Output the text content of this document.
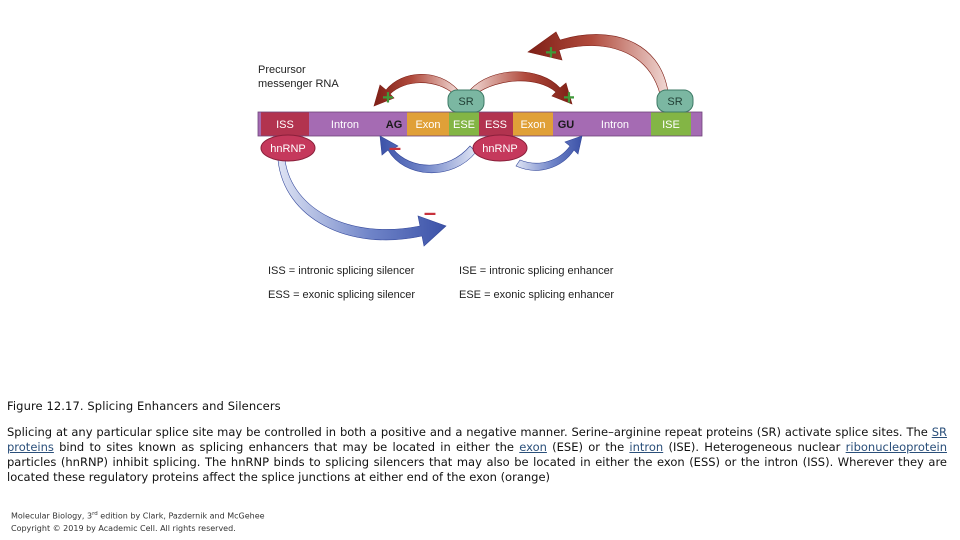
Precursor
messenger RNA
ISS	Intron AG Exon ESE ESS Exon GU Intron	ISE
SR	SR
hnRNP	hnRNP
+
+	+
–
–
ISS = intronic splicing silencer	ISE = intronic splicing enhancer
ESS = exonic splicing silencer	ESE = exonic splicing enhancer
Figure 12.17. Splicing Enhancers and Silencers
Splicing at any particular splice site may be controlled in both a positive and a negative manner. Serine–arginine repeat proteins (SR) activate splice sites. The SR proteins bind to sites known as splicing enhancers that may be located in either the exon (ESE) or the intron (ISE). Heterogeneous nuclear ribonucleoprotein particles (hnRNP) inhibit splicing. The hnRNP binds to splicing silencers that may also be located in either the exon (ESS) or the intron (ISS). Wherever they are located these regulatory proteins affect the splice junctions at either end of the exon (orange)
Molecular Biology, 3rd edition by Clark, Pazdernik and McGehee
Copyright © 2019 by Academic Cell. All rights reserved.
